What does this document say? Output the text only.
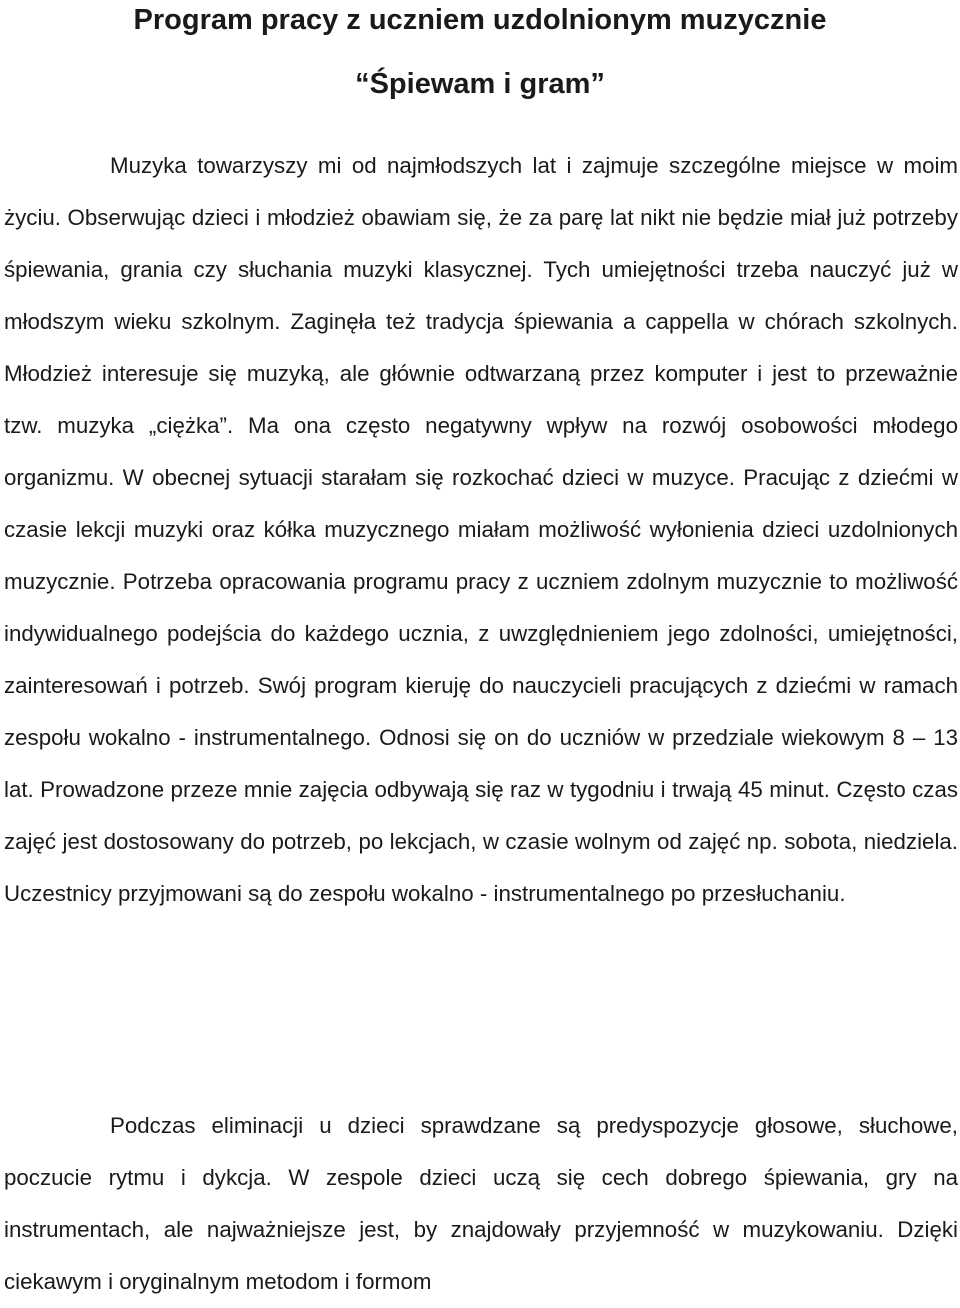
Program pracy z uczniem uzdolnionym muzycznie
“Śpiewam i gram”

Muzyka towarzyszy mi od najmłodszych lat i zajmuje szczególne miejsce w moim życiu. Obserwując dzieci i młodzież obawiam się, że za parę lat nikt nie będzie miał już potrzeby śpiewania, grania czy słuchania muzyki klasycznej. Tych umiejętności trzeba nauczyć już w młodszym wieku szkolnym. Zaginęła też tradycja śpiewania a cappella w chórach szkolnych. Młodzież interesuje się muzyką, ale głównie odtwarzaną przez komputer i jest to przeważnie tzw. muzyka „ciężka”. Ma ona często negatywny wpływ na rozwój osobowości młodego organizmu. W obecnej sytuacji starałam się rozkochać dzieci w muzyce. Pracując z dziećmi w czasie lekcji muzyki oraz kółka muzycznego miałam możliwość wyłonienia dzieci uzdolnionych muzycznie. Potrzeba opracowania programu pracy z uczniem zdolnym muzycznie to możliwość indywidualnego podejścia do każdego ucznia, z uwzględnieniem jego zdolności, umiejętności, zainteresowań i potrzeb. Swój program kieruję do nauczycieli pracujących z dziećmi w ramach zespołu wokalno - instrumentalnego. Odnosi się on do uczniów w przedziale wiekowym 8 – 13 lat. Prowadzone przeze mnie zajęcia odbywają się raz w tygodniu i trwają 45 minut. Często czas zajęć jest dostosowany do potrzeb, po lekcjach, w czasie wolnym od zajęć np. sobota, niedziela. Uczestnicy przyjmowani są do zespołu wokalno - instrumentalnego po przesłuchaniu.

Podczas eliminacji u dzieci sprawdzane są predyspozycje głosowe, słuchowe, poczucie rytmu i dykcja. W zespole dzieci uczą się cech dobrego śpiewania, gry na instrumentach, ale najważniejsze jest, by znajdowały przyjemność w muzykowaniu. Dzięki ciekawym i oryginalnym metodom i formom
